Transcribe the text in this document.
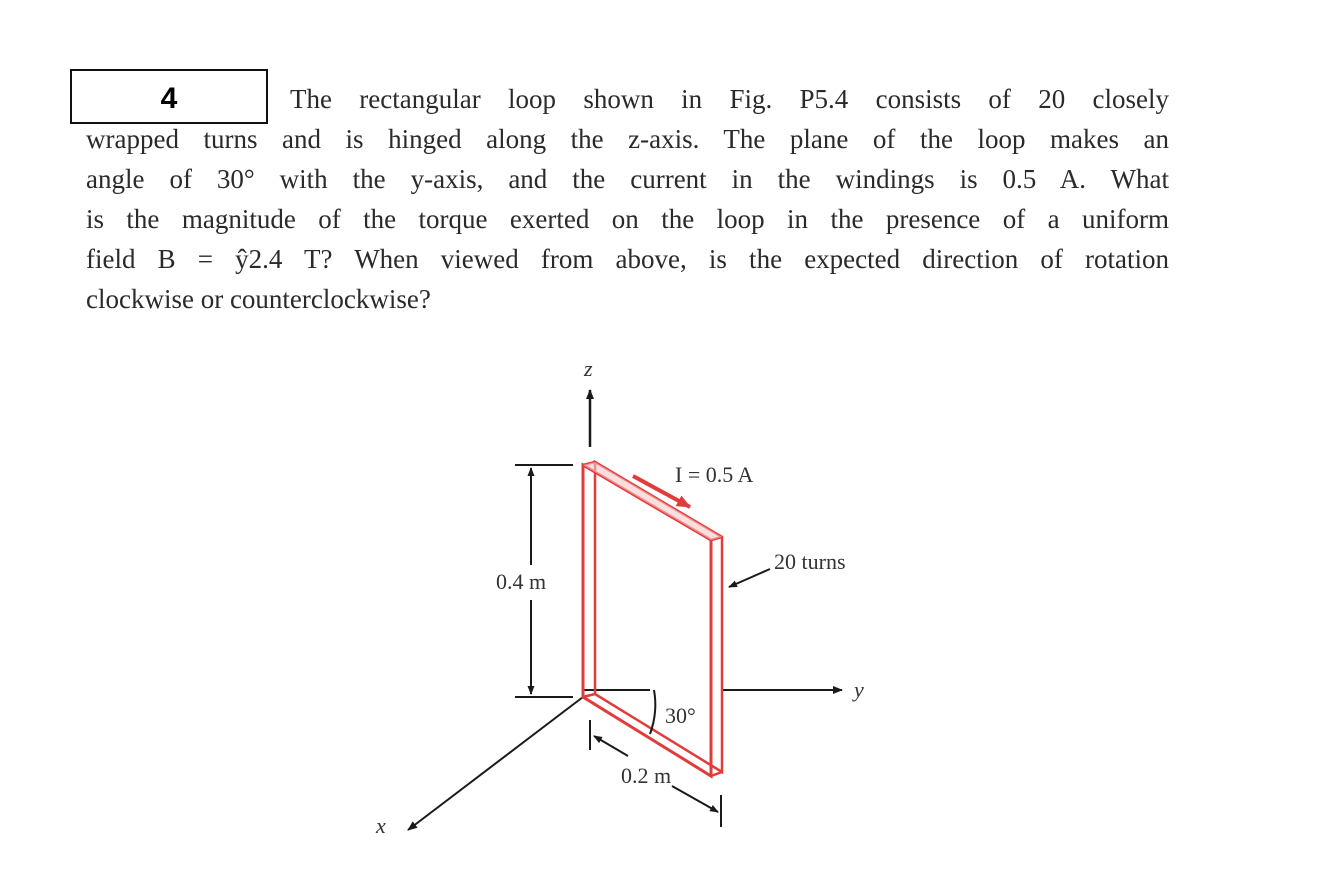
4	The rectangular loop shown in Fig. P5.4 consists of 20 closely
wrapped turns and is hinged along the z-axis. The plane of the loop makes an
angle of 30° with the y-axis, and the current in the windings is 0.5 A. What
is the magnitude of the torque exerted on the loop in the presence of a uniform
field B = ŷ2.4 T? When viewed from above, is the expected direction of rotation
clockwise or counterclockwise?
z
y
x
0.4 m
0.2 m
I = 0.5 A
20 turns
30°
